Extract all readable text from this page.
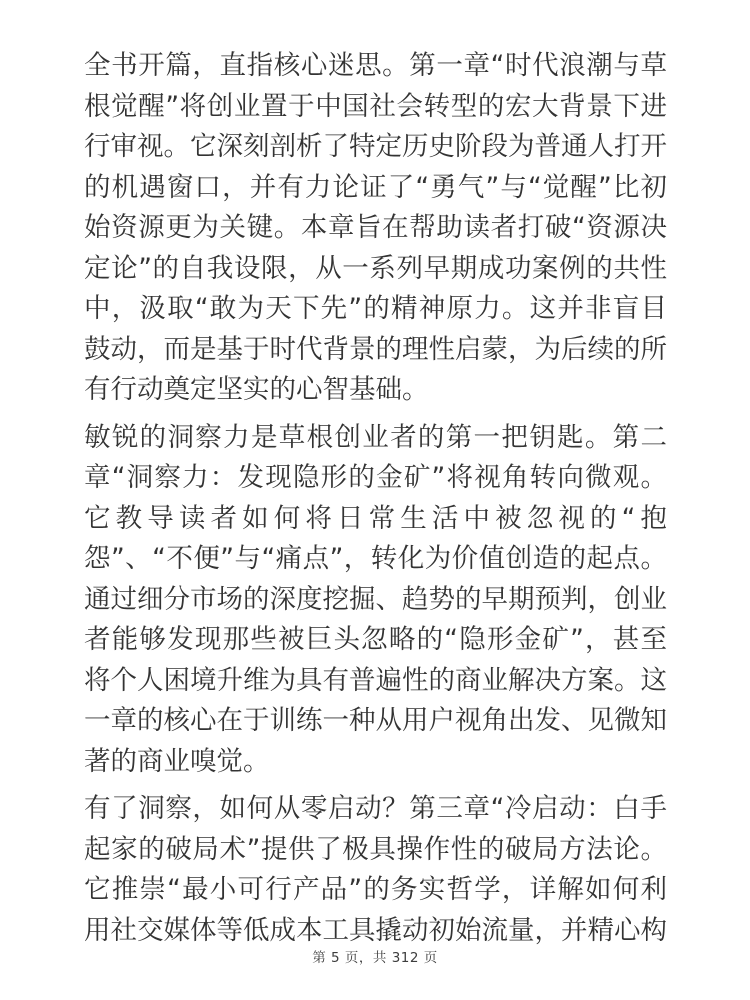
全书开篇，直指核心迷思。第一章“时代浪潮与草根觉醒”将创业置于中国社会转型的宏大背景下进行审视。它深刻剖析了特定历史阶段为普通人打开的机遇窗口，并有力论证了“勇气”与“觉醒”比初始资源更为关键。本章旨在帮助读者打破“资源决定论”的自我设限，从一系列早期成功案例的共性中，汲取“敢为天下先”的精神原力。这并非盲目鼓动，而是基于时代背景的理性启蒙，为后续的所有行动奠定坚实的心智基础。

敏锐的洞察力是草根创业者的第一把钥匙。第二章“洞察力：发现隐形的金矿”将视角转向微观。它教导读者如何将日常生活中被忽视的“抱怨”、“不便”与“痛点”，转化为价值创造的起点。通过细分市场的深度挖掘、趋势的早期预判，创业者能够发现那些被巨头忽略的“隐形金矿”，甚至将个人困境升维为具有普遍性的商业解决方案。这一章的核心在于训练一种从用户视角出发、见微知著的商业嗅觉。

有了洞察，如何从零启动？第三章“冷启动：白手起家的破局术”提供了极具操作性的破局方法论。它推崇“最小可行产品”的务实哲学，详解如何利用社交媒体等低成本工具撬动初始流量，并精心构

第 5 页，共 312 页
